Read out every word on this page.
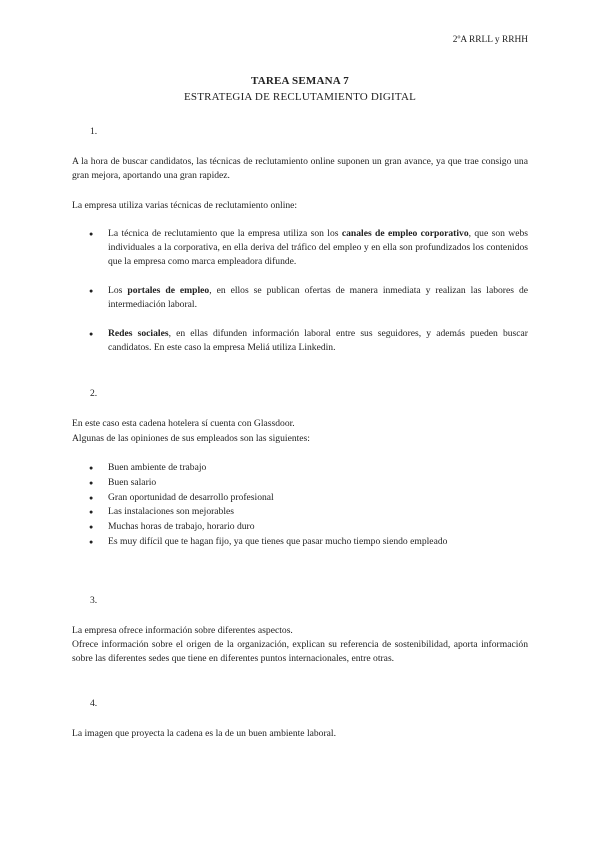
2ºA RRLL y RRHH
TAREA SEMANA 7
ESTRATEGIA DE RECLUTAMIENTO DIGITAL
1.
A la hora de buscar candidatos, las técnicas de reclutamiento online suponen un gran avance, ya que trae consigo una gran mejora, aportando una gran rapidez.
La empresa utiliza varias técnicas de reclutamiento online:
● La técnica de reclutamiento que la empresa utiliza son los canales de empleo corporativo, que son webs individuales a la corporativa, en ella deriva del tráfico del empleo y en ella son profundizados los contenidos que la empresa como marca empleadora difunde.
● Los portales de empleo, en ellos se publican ofertas de manera inmediata y realizan las labores de intermediación laboral.
● Redes sociales, en ellas difunden información laboral entre sus seguidores, y además pueden buscar candidatos. En este caso la empresa Meliá utiliza Linkedin.
2.
En este caso esta cadena hotelera sí cuenta con Glassdoor.
Algunas de las opiniones de sus empleados son las siguientes:
● Buen ambiente de trabajo
● Buen salario
● Gran oportunidad de desarrollo profesional
● Las instalaciones son mejorables
● Muchas horas de trabajo, horario duro
● Es muy difícil que te hagan fijo, ya que tienes que pasar mucho tiempo siendo empleado
3.
La empresa ofrece información sobre diferentes aspectos.
Ofrece información sobre el origen de la organización, explican su referencia de sostenibilidad, aporta información sobre las diferentes sedes que tiene en diferentes puntos internacionales, entre otras.
4.
La imagen que proyecta la cadena es la de un buen ambiente laboral.
